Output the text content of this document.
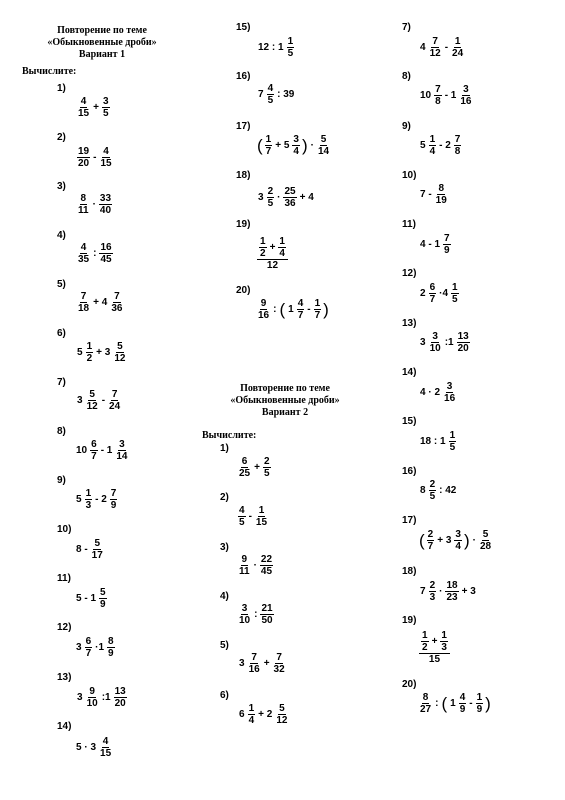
Повторение по теме
«Обыкновенные дроби»
Вариант 1
Вычислите:
Повторение по теме
«Обыкновенные дроби»
Вариант 2
Вычислите:
1)
$\frac{4}{15} + \frac{3}{5}$
2)
$\frac{19}{20} - \frac{4}{15}$
3)
$\frac{8}{11} \cdot \frac{33}{40}$
4)
$\frac{4}{35}$ : $\frac{16}{45}$
5)
$\frac{7}{18} + 4 \frac{7}{36}$
6)
$5 \frac{1}{2} + 3 \frac{5}{12}$
7)
$3 \frac{5}{12} - \frac{7}{24}$
8)
$10 \frac{6}{7} - 1 \frac{3}{14}$
9)
$5 \frac{1}{3} - 2 \frac{7}{9}$
10)
$8 - \frac{5}{17}$
11)
$5 - 1 \frac{5}{9}$
12)
$3 \frac{6}{7} \cdot 1 \frac{8}{9}$
13)
$3 \frac{9}{10}$ :1 $\frac{13}{20}$
14)
$5 \cdot 3 \frac{4}{15}$
15)
12 : $1 \frac{1}{5}$
16)
$7 \frac{4}{5}$ : 39
17)
( $\frac{1}{7} + 5 \frac{3}{4}$ ) · $\frac{5}{14}$
18)
$3 \frac{2}{5} \cdot \frac{25}{36} + 4$
19)
$\frac{\frac{1}{2} + \frac{1}{4}}{12}$
20)
$\frac{9}{16}$ : ( $1 \frac{4}{7} - \frac{1}{7}$ )
1)
$\frac{6}{25} + \frac{2}{5}$
2)
$\frac{4}{5} - \frac{1}{15}$
3)
$\frac{9}{11} \cdot \frac{22}{45}$
4)
$\frac{3}{10}$ : $\frac{21}{50}$
5)
$3 \frac{7}{16} + \frac{7}{32}$
6)
$6 \frac{1}{4} + 2 \frac{5}{12}$
7)
$4 \frac{7}{12} - \frac{1}{24}$
8)
$10 \frac{7}{8} - 1 \frac{3}{16}$
9)
$5 \frac{1}{4} - 2 \frac{7}{8}$
10)
$7 - \frac{8}{19}$
11)
$4 - 1 \frac{7}{9}$
12)
$2 \frac{6}{7} \cdot 4 \frac{1}{5}$
13)
$3 \frac{3}{10}$ :1 $\frac{13}{20}$
14)
$4 \cdot 2 \frac{3}{16}$
15)
18 : $1 \frac{1}{5}$
16)
$8 \frac{2}{5}$ : 42
17)
( $\frac{2}{7} + 3 \frac{3}{4}$ ) · $\frac{5}{28}$
18)
$7 \frac{2}{3} \cdot \frac{18}{23} + 3$
19)
$\frac{\frac{1}{2} + \frac{1}{3}}{15}$
20)
$\frac{8}{27}$ : ( $1 \frac{4}{9} - \frac{1}{9}$ )
